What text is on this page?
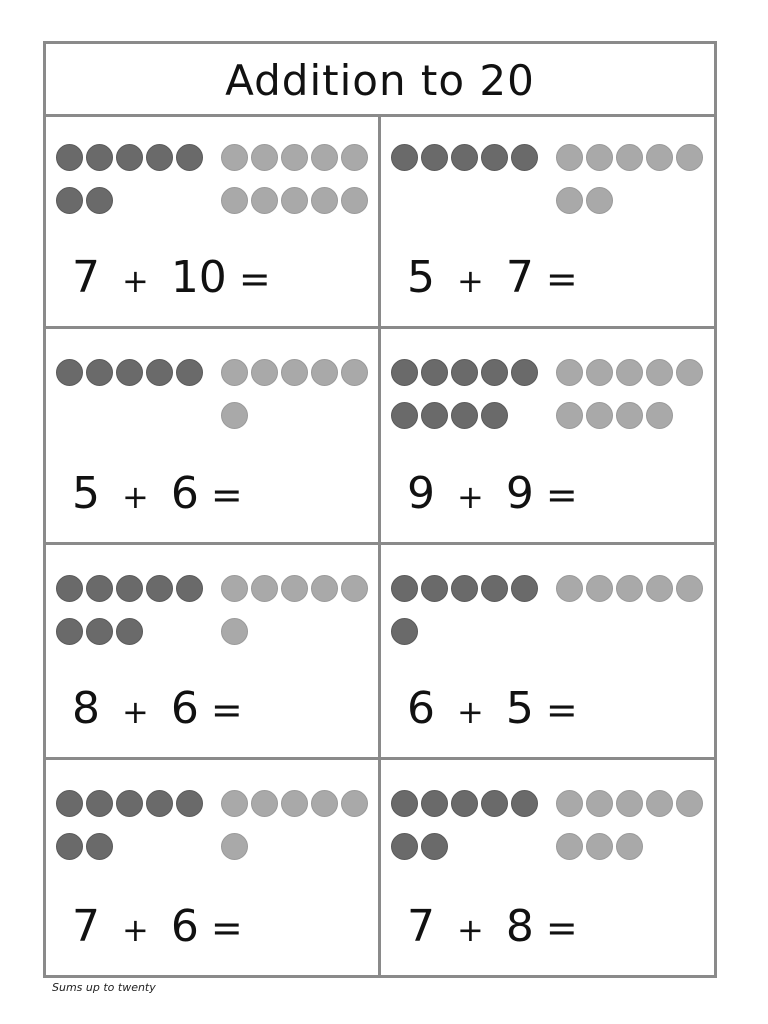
Addition to 20
7 + 10 =	5 + 7 =
5 + 6 =	9 + 9 =
8 + 6 =	6 + 5 =
7 + 6 =	7 + 8 =
Sums up to twenty
